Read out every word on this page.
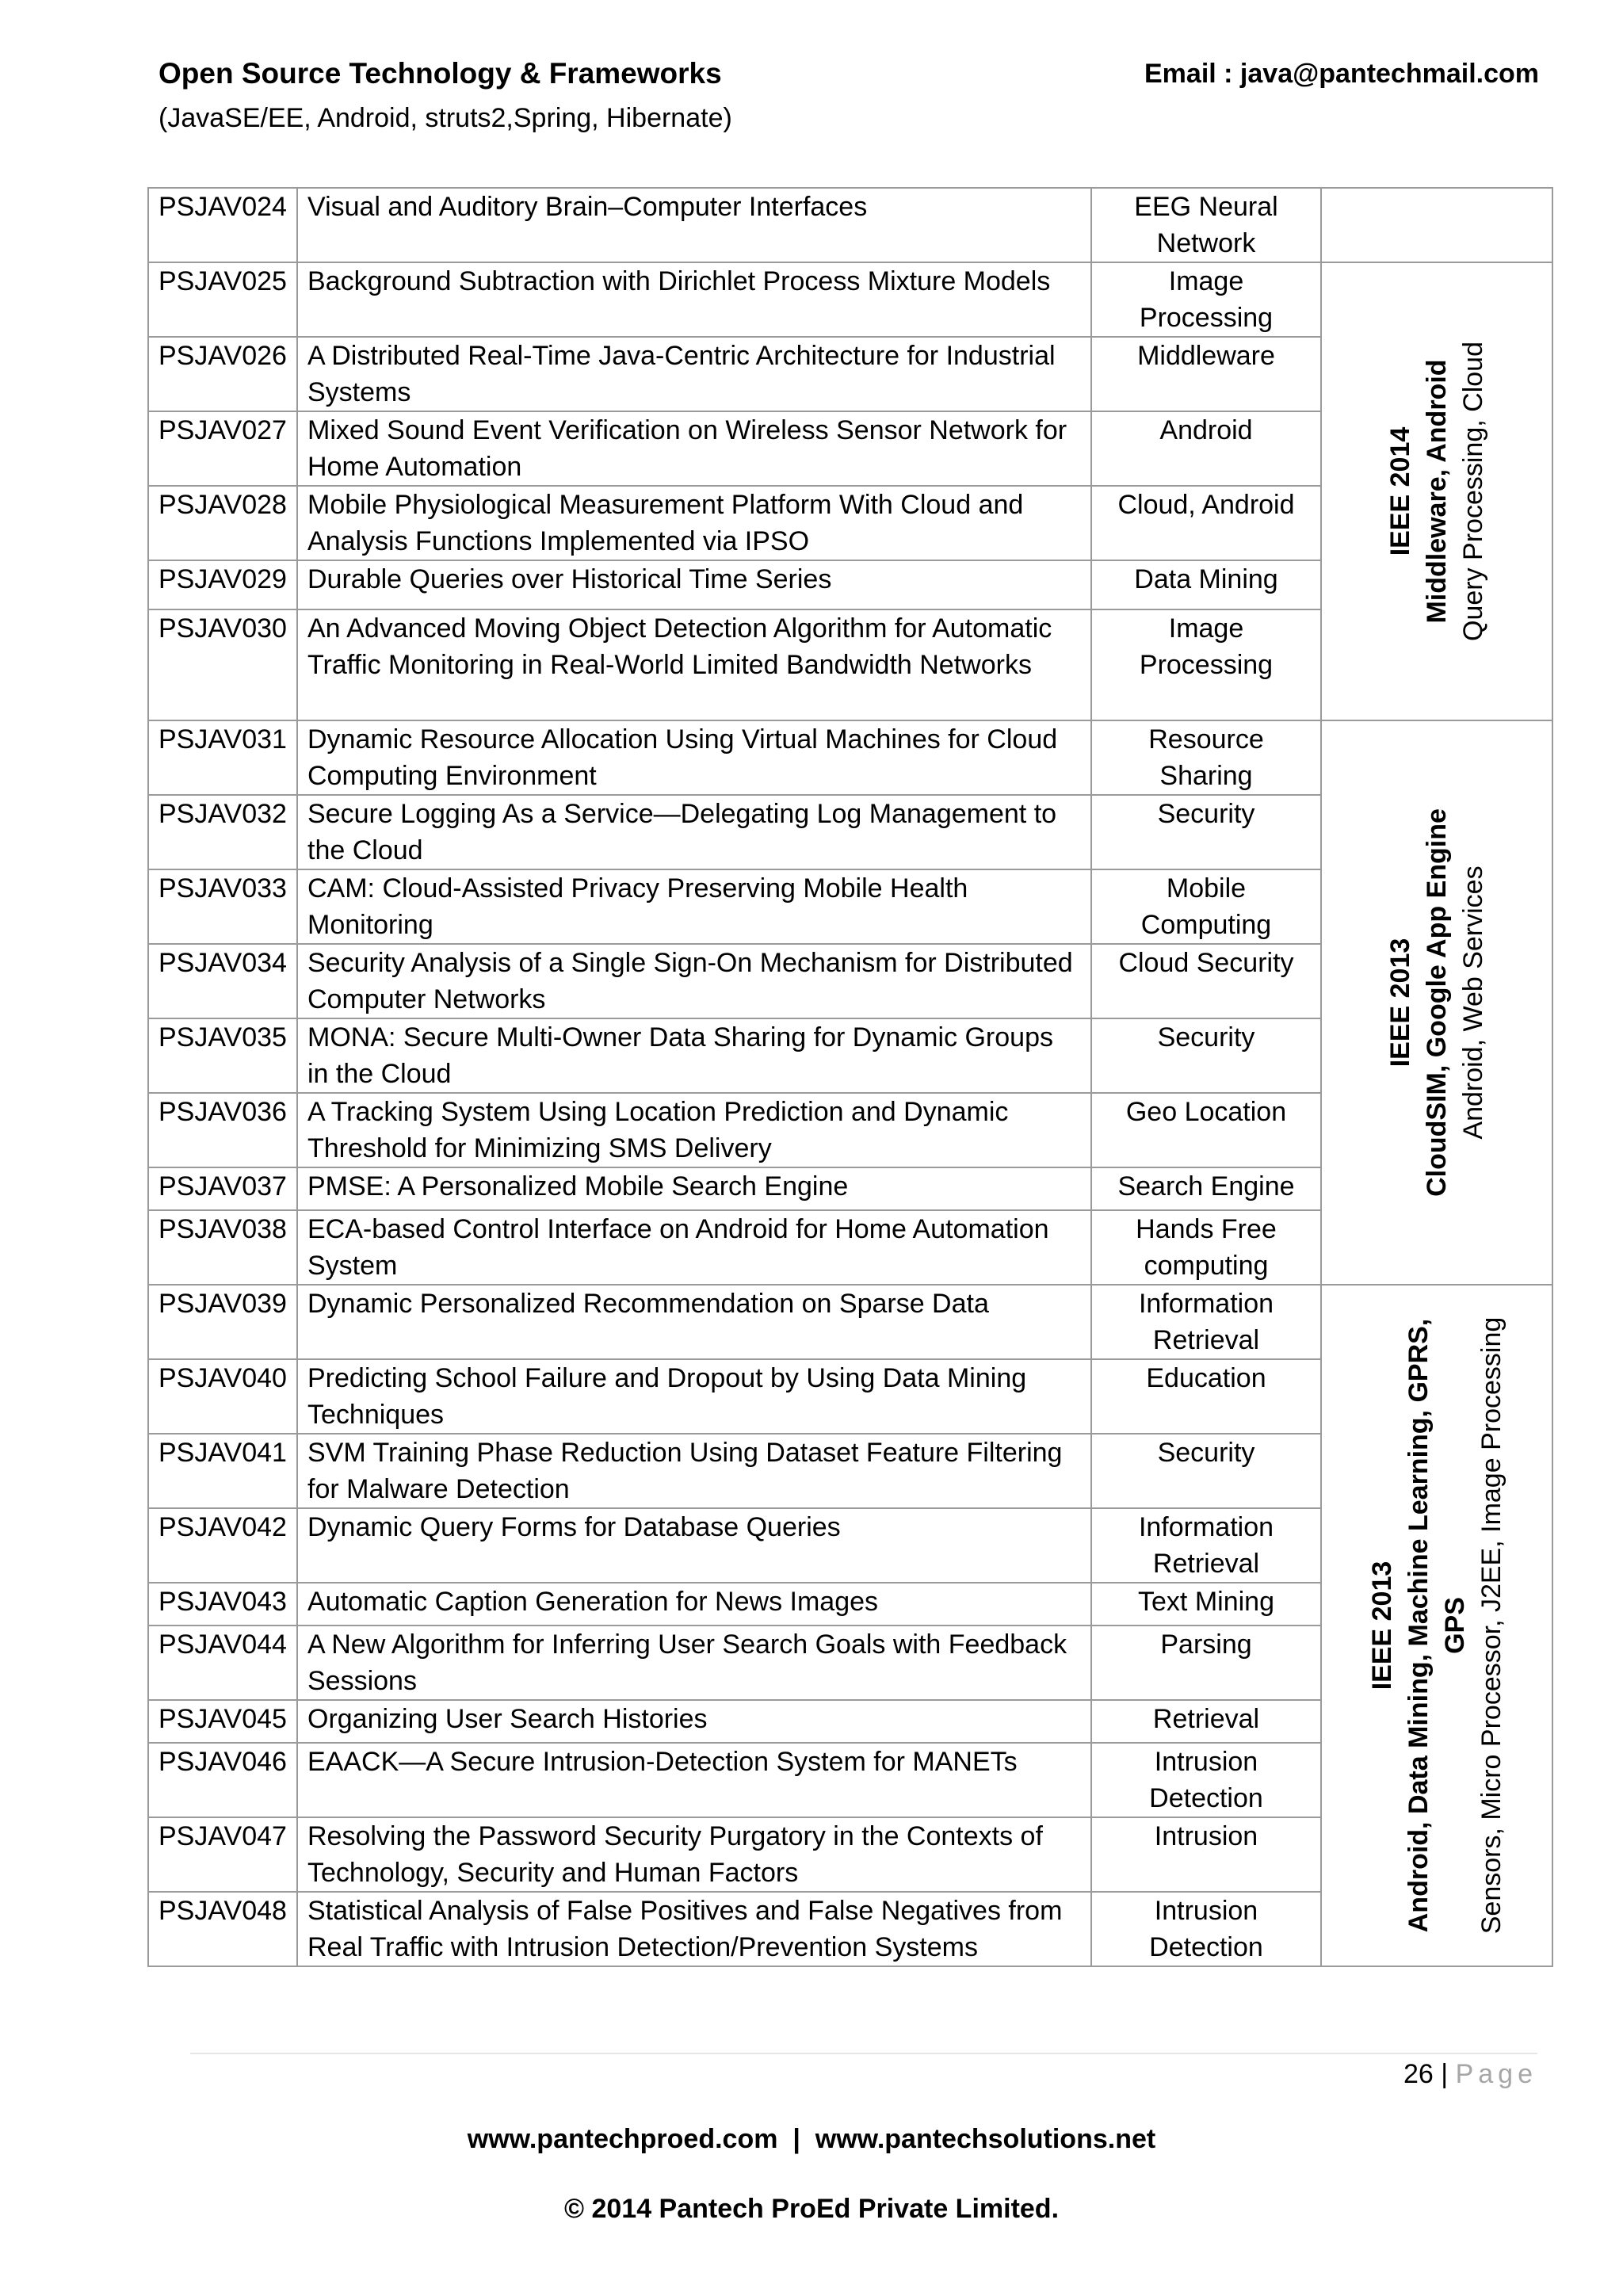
Open Source Technology & Frameworks	Email : java@pantechmail.com
(JavaSE/EE, Android, struts2,Spring, Hibernate)
PSJAV024	Visual and Auditory Brain–Computer Interfaces	EEG Neural Network	
PSJAV025	Background Subtraction with Dirichlet Process Mixture Models	Image Processing	IEEE 2014 Middleware, Android Query Processing, Cloud

PSJAV026	A Distributed Real-Time Java-Centric Architecture for Industrial Systems	Middleware	
PSJAV027	Mixed Sound Event Verification on Wireless Sensor Network for Home Automation	Android	
PSJAV028	Mobile Physiological Measurement Platform With Cloud and Analysis Functions Implemented via IPSO	Cloud, Android	
PSJAV029	Durable Queries over Historical Time Series	Data Mining	
PSJAV030	An Advanced Moving Object Detection Algorithm for Automatic Traffic Monitoring in Real-World Limited Bandwidth Networks	Image Processing	
PSJAV031	Dynamic Resource Allocation Using Virtual Machines for Cloud Computing Environment	Resource Sharing	IEEE 2013 CloudSIM, Google App Engine Android, Web Services

PSJAV032	Secure Logging As a Service—Delegating Log Management to the Cloud	Security	
PSJAV033	CAM: Cloud-Assisted Privacy Preserving Mobile Health Monitoring	Mobile Computing	
PSJAV034	Security Analysis of a Single Sign-On Mechanism for Distributed Computer Networks	Cloud Security	
PSJAV035	MONA: Secure Multi-Owner Data Sharing for Dynamic Groups in the Cloud	Security	
PSJAV036	A Tracking System Using Location Prediction and Dynamic Threshold for Minimizing SMS Delivery	Geo Location	
PSJAV037	PMSE: A Personalized Mobile Search Engine	Search Engine	
PSJAV038	ECA-based Control Interface on Android for Home Automation System	Hands Free computing	
PSJAV039	Dynamic Personalized Recommendation on Sparse Data	Information Retrieval	IEEE 2013 Android, Data Mining, Machine Learning, GPRS, GPS Sensors, Micro Processor, J2EE, Image Processing

PSJAV040	Predicting School Failure and Dropout by Using Data Mining Techniques	Education	
PSJAV041	SVM Training Phase Reduction Using Dataset Feature Filtering for Malware Detection	Security	
PSJAV042	Dynamic Query Forms for Database Queries	Information Retrieval	
PSJAV043	Automatic Caption Generation for News Images	Text Mining	
PSJAV044	A New Algorithm for Inferring User Search Goals with Feedback Sessions	Parsing	
PSJAV045	Organizing User Search Histories	Retrieval	
PSJAV046	EAACK—A Secure Intrusion-Detection System for MANETs	Intrusion Detection	
PSJAV047	Resolving the Password Security Purgatory in the Contexts of Technology, Security and Human Factors	Intrusion	
PSJAV048	Statistical Analysis of False Positives and False Negatives from Real Traffic with Intrusion Detection/Prevention Systems	Intrusion Detection	
26 | Page
www.pantechproed.com  |  www.pantechsolutions.net
© 2014 Pantech ProEd Private Limited.
